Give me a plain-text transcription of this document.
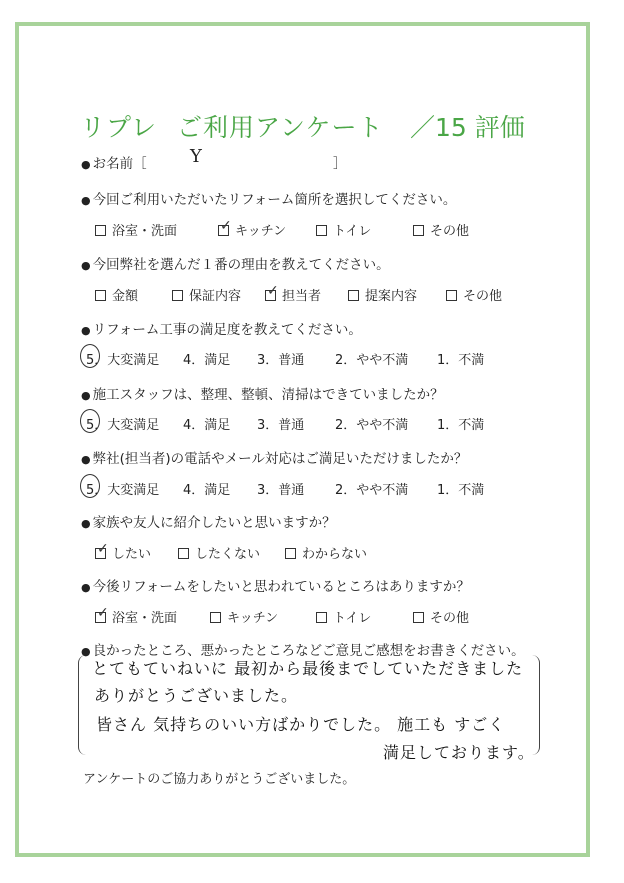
リプレ ご利用アンケート ／15 評価
● お名前［ Y	］
● 今回ご利用いただいたリフォーム箇所を選択してください。
浴室・洗面 ✓	キッチン	トイレ	その他
● 今回弊社を選んだ１番の理由を教えてください。
金額	保証内容 ✓	担当者	提案内容	その他
● リフォーム工事の満足度を教えてください。
5．大変満足 4．満足 3．普通 2．やや不満 1．不満
● 施工スタッフは、整理、整頓、清掃はできていましたか？
5．大変満足 4．満足 3．普通 2．やや不満 1．不満
● 弊社(担当者)の電話やメール対応はご満足いただけましたか？
5．大変満足 4．満足 3．普通 2．やや不満 1．不満
● 家族や友人に紹介したいと思いますか？
✓したい	したくない	わからない
● 今後リフォームをしたいと思われているところはありますか？
✓浴室・洗面	キッチン	トイレ	その他
● 良かったところ、悪かったところなどご意見ご感想をお書きください。
とてもていねいに 最初から最後までしていただきました
ありがとうございました。
皆さん 気持ちのいい方ばかりでした。 施工も すごく
満足しております。
アンケートのご協力ありがとうございました。
